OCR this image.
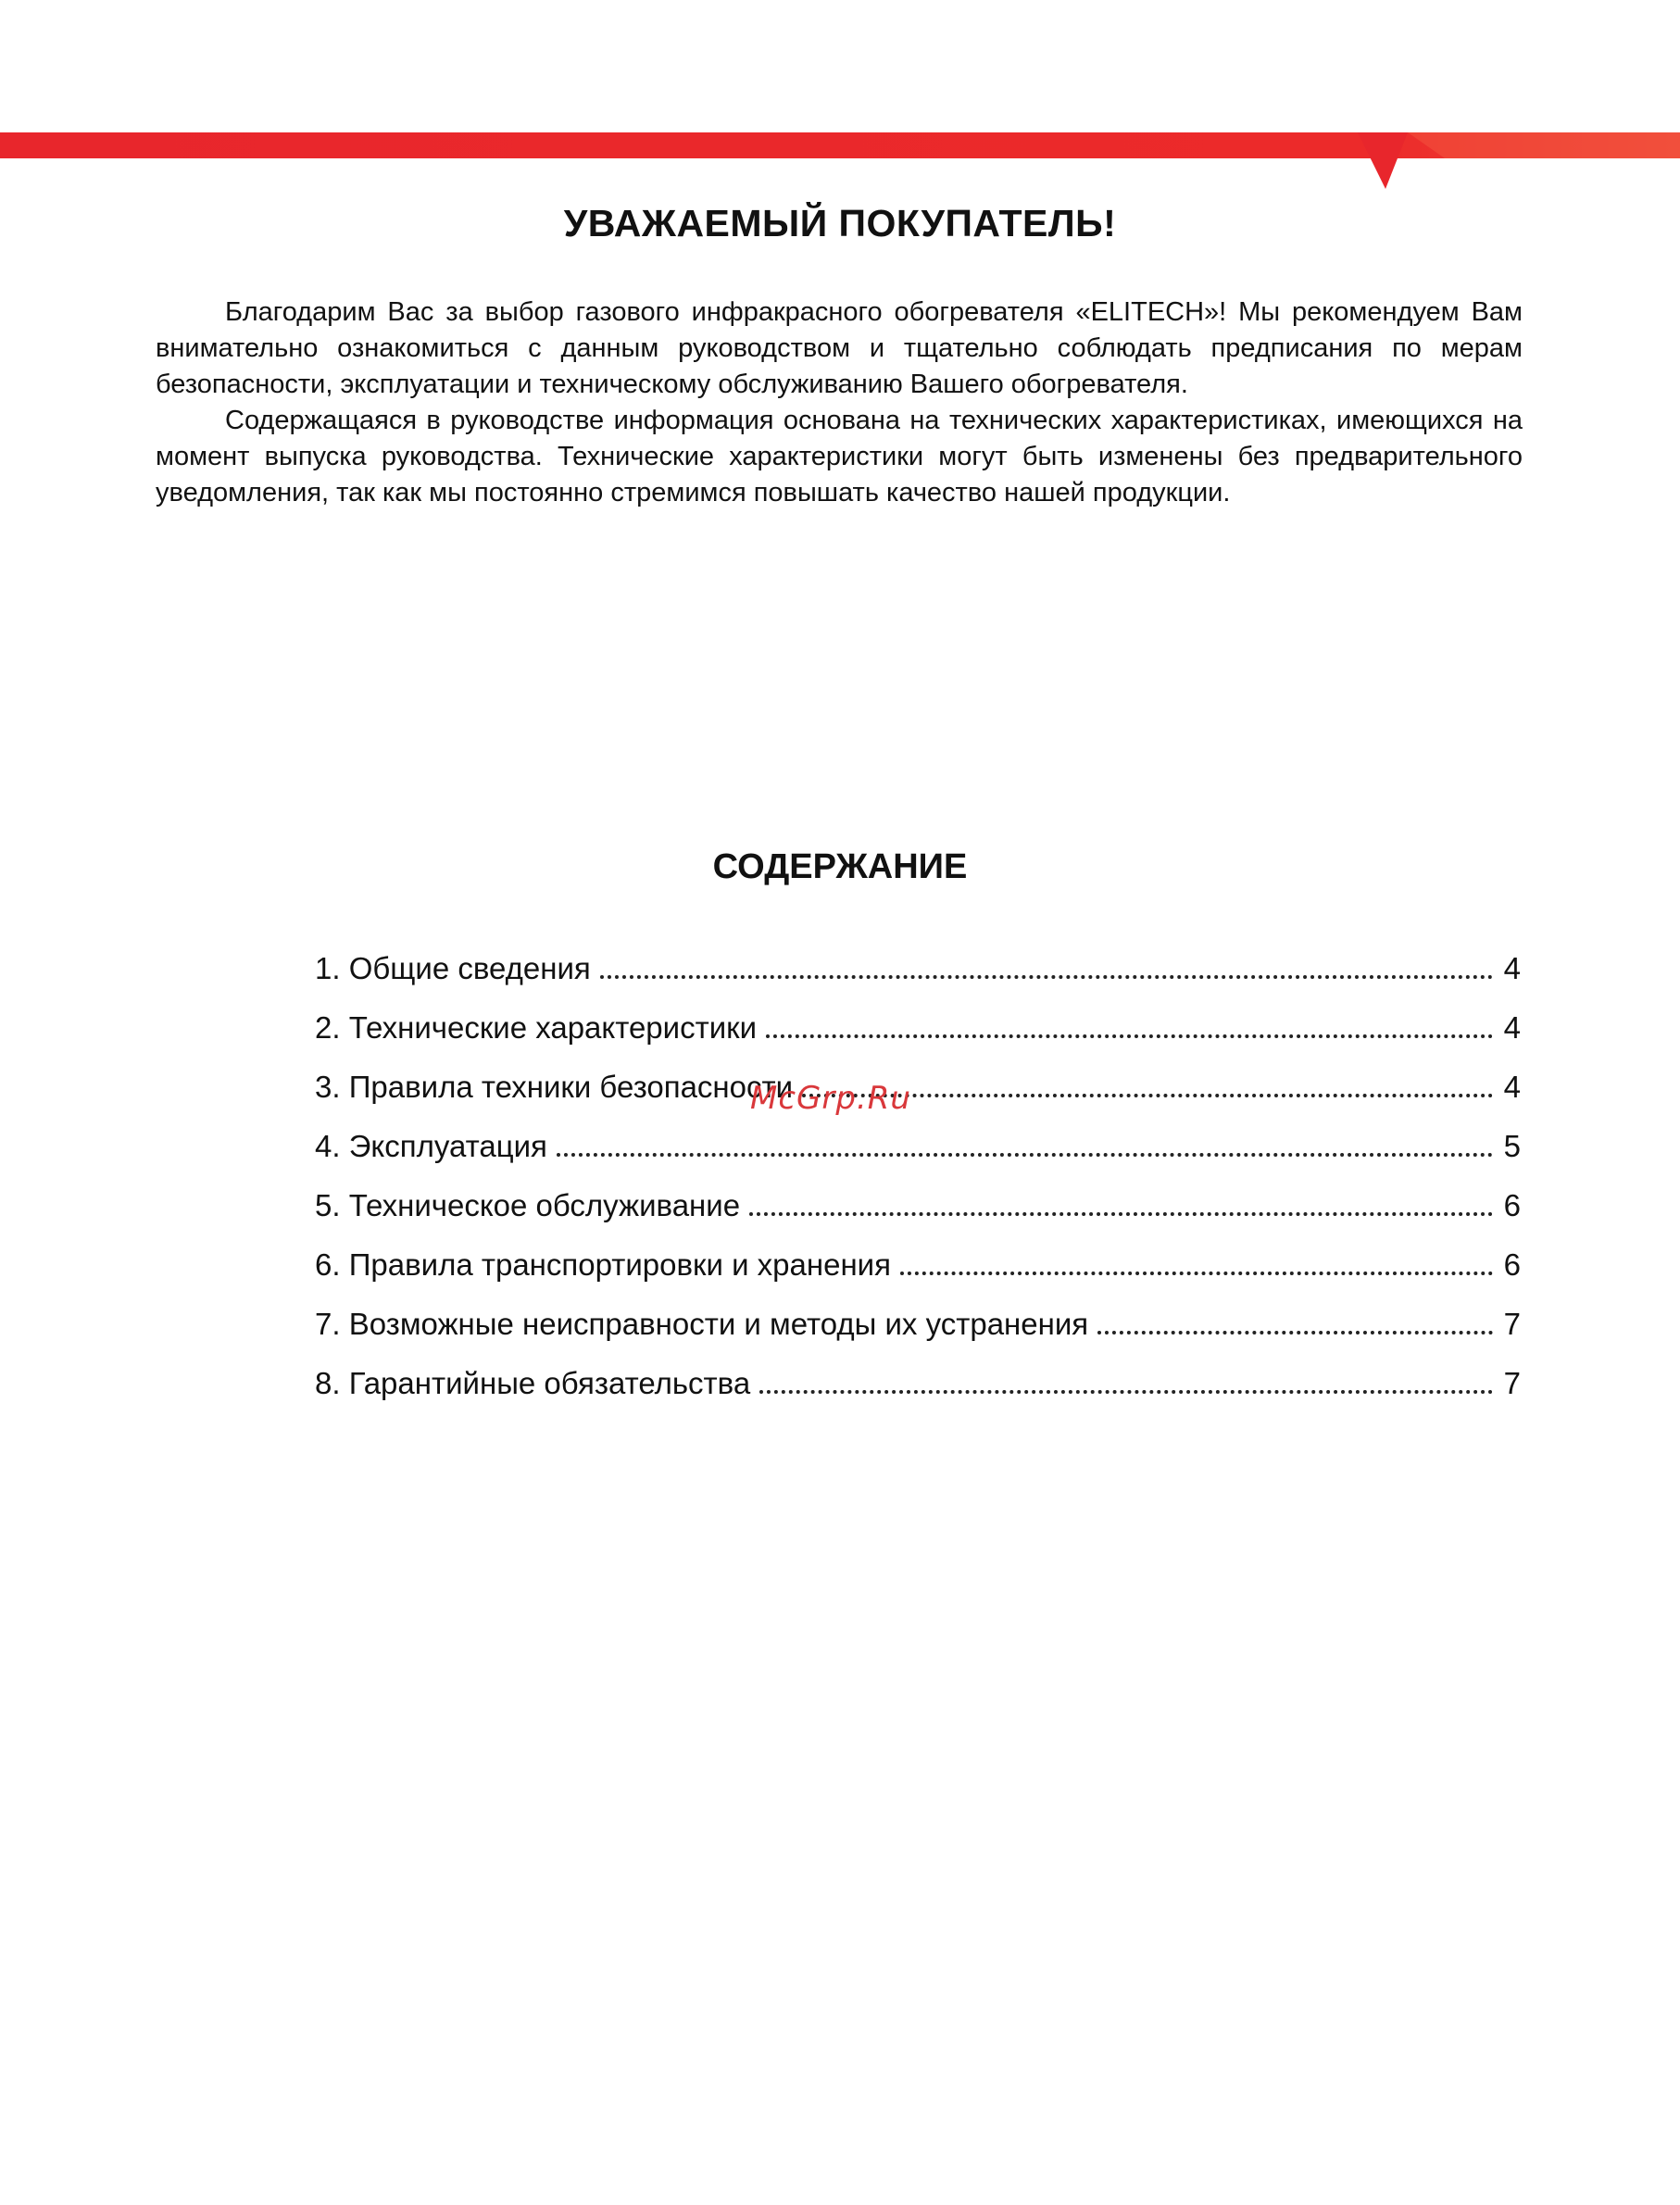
УВАЖАЕМЫЙ ПОКУПАТЕЛЬ!

Благодарим Вас за выбор газового инфракрасного обогревателя «ELITECH»! Мы рекомендуем Вам внимательно ознакомиться с данным руководством и тщательно соблюдать предписания по мерам безопасности, эксплуатации и техническому обслуживанию Вашего обогревателя.

Содержащаяся в руководстве информация основана на технических характеристиках, имеющихся на момент выпуска руководства. Технические характеристики могут быть изменены без предварительного уведомления, так как мы постоянно стремимся повышать качество нашей продукции.

СОДЕРЖАНИЕ
1. Общие сведения	4
2. Технические характеристики	4
3. Правила техники безопасности	4
4. Эксплуатация	5
5. Техническое обслуживание	6
6. Правила транспортировки и хранения	6
7. Возможные неисправности и методы их устранения	7
8. Гарантийные обязательства	7
McGrp.Ru
